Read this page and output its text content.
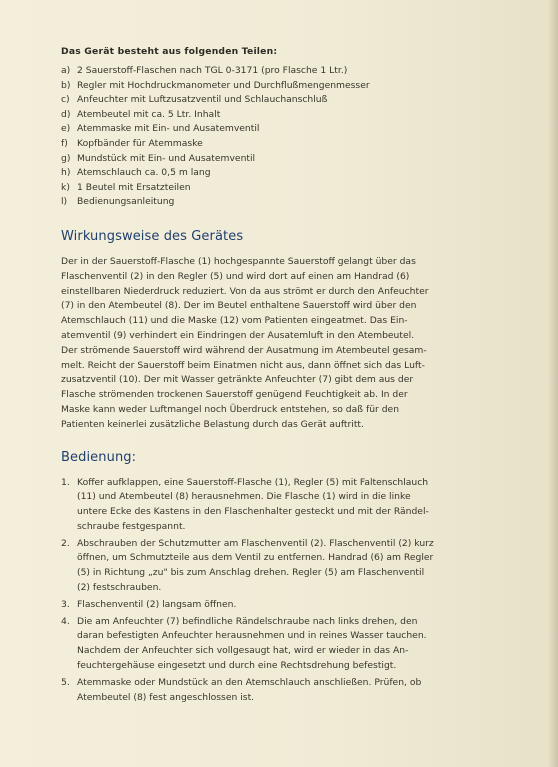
Das Gerät besteht aus folgenden Teilen:
a) 2 Sauerstoff-Flaschen nach TGL 0-3171 (pro Flasche 1 Ltr.)
b) Regler mit Hochdruckmanometer und Durchflußmengenmesser
c) Anfeuchter mit Luftzusatzventil und Schlauchanschluß
d) Atembeutel mit ca. 5 Ltr. Inhalt
e) Atemmaske mit Ein- und Ausatemventil
f) Kopfbänder für Atemmaske
g) Mundstück mit Ein- und Ausatemventil
h) Atemschlauch ca. 0,5 m lang
k) 1 Beutel mit Ersatzteilen
l) Bedienungsanleitung
Wirkungsweise des Gerätes

Der in der Sauerstoff-Flasche (1) hochgespannte Sauerstoff gelangt über das

Flaschenventil (2) in den Regler (5) und wird dort auf einen am Handrad (6)

einstellbaren Niederdruck reduziert. Von da aus strömt er durch den Anfeuchter

(7) in den Atembeutel (8). Der im Beutel enthaltene Sauerstoff wird über den

Atemschlauch (11) und die Maske (12) vom Patienten eingeatmet. Das Ein-

atemventil (9) verhindert ein Eindringen der Ausatemluft in den Atembeutel.

Der strömende Sauerstoff wird während der Ausatmung im Atembeutel gesam-

melt. Reicht der Sauerstoff beim Einatmen nicht aus, dann öffnet sich das Luft-

zusatzventil (10). Der mit Wasser getränkte Anfeuchter (7) gibt dem aus der

Flasche strömenden trockenen Sauerstoff genügend Feuchtigkeit ab. In der

Maske kann weder Luftmangel noch Überdruck entstehen, so daß für den

Patienten keinerlei zusätzliche Belastung durch das Gerät auftritt.

Bedienung:
1. Koffer aufklappen, eine Sauerstoff-Flasche (1), Regler (5) mit Faltenschlauch
(11) und Atembeutel (8) herausnehmen. Die Flasche (1) wird in die linke
untere Ecke des Kastens in den Flaschenhalter gesteckt und mit der Rändel-
schraube festgespannt.
2. Abschrauben der Schutzmutter am Flaschenventil (2). Flaschenventil (2) kurz
öffnen, um Schmutzteile aus dem Ventil zu entfernen. Handrad (6) am Regler
(5) in Richtung „zu" bis zum Anschlag drehen. Regler (5) am Flaschenventil
(2) festschrauben.
3. Flaschenventil (2) langsam öffnen.
4. Die am Anfeuchter (7) befindliche Rändelschraube nach links drehen, den
daran befestigten Anfeuchter herausnehmen und in reines Wasser tauchen.
Nachdem der Anfeuchter sich vollgesaugt hat, wird er wieder in das An-
feuchtergehäuse eingesetzt und durch eine Rechtsdrehung befestigt.
5. Atemmaske oder Mundstück an den Atemschlauch anschließen. Prüfen, ob
Atembeutel (8) fest angeschlossen ist.
